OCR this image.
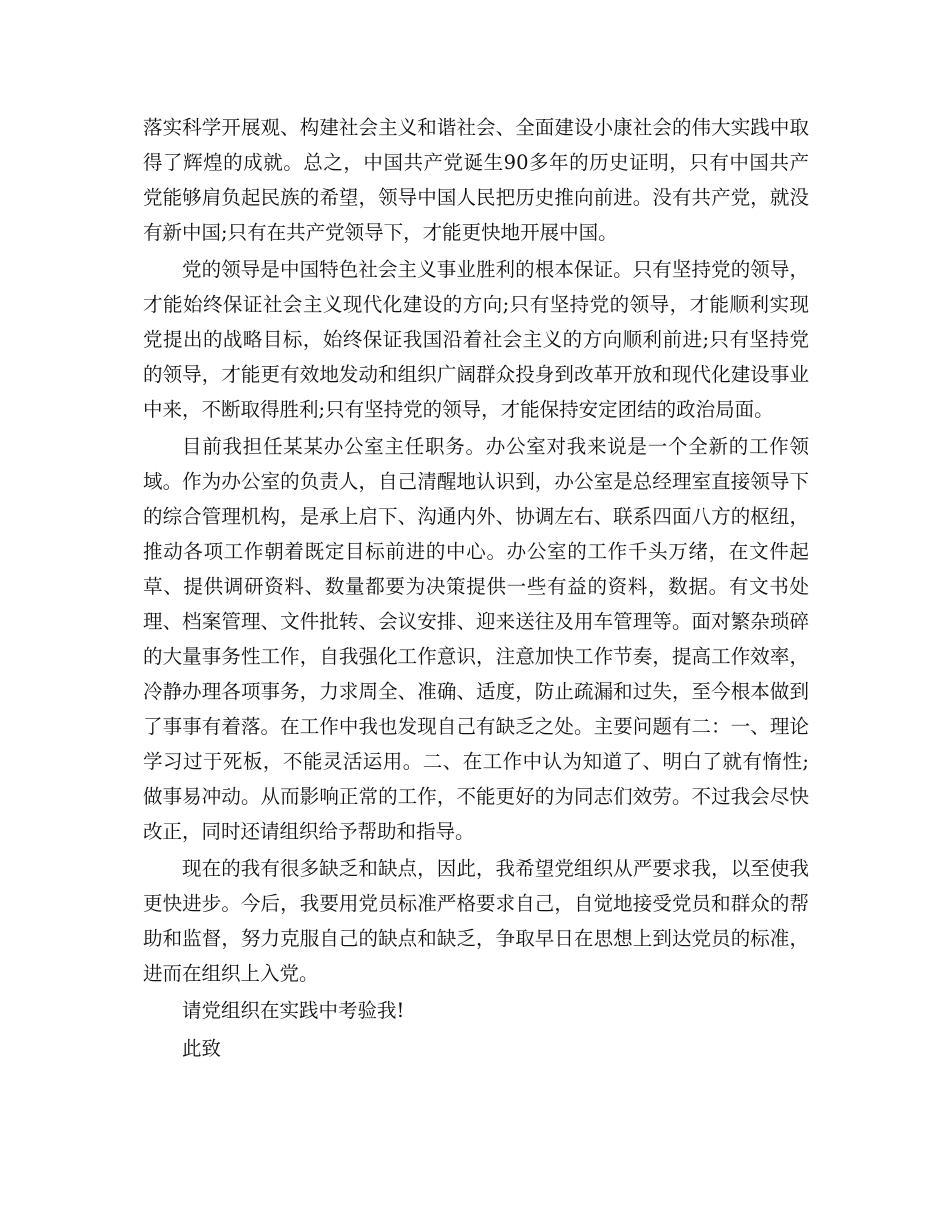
落实科学开展观、构建社会主义和谐社会、全面建设小康社会的伟大实践中取得了辉煌的成就。总之，中国共产党诞生90多年的历史证明，只有中国共产党能够肩负起民族的希望，领导中国人民把历史推向前进。没有共产党，就没有新中国;只有在共产党领导下，才能更快地开展中国。

党的领导是中国特色社会主义事业胜利的根本保证。只有坚持党的领导，才能始终保证社会主义现代化建设的方向;只有坚持党的领导，才能顺利实现党提出的战略目标，始终保证我国沿着社会主义的方向顺利前进;只有坚持党的领导，才能更有效地发动和组织广阔群众投身到改革开放和现代化建设事业中来，不断取得胜利;只有坚持党的领导，才能保持安定团结的政治局面。

目前我担任某某办公室主任职务。办公室对我来说是一个全新的工作领域。作为办公室的负责人，自己清醒地认识到，办公室是总经理室直接领导下的综合管理机构，是承上启下、沟通内外、协调左右、联系四面八方的枢纽，推动各项工作朝着既定目标前进的中心。办公室的工作千头万绪，在文件起草、提供调研资料、数量都要为决策提供一些有益的资料，数据。有文书处理、档案管理、文件批转、会议安排、迎来送往及用车管理等。面对繁杂琐碎的大量事务性工作，自我强化工作意识，注意加快工作节奏，提高工作效率，冷静办理各项事务，力求周全、准确、适度，防止疏漏和过失，至今根本做到了事事有着落。在工作中我也发现自己有缺乏之处。主要问题有二：一、理论学习过于死板，不能灵活运用。二、在工作中认为知道了、明白了就有惰性;做事易冲动。从而影响正常的工作，不能更好的为同志们效劳。不过我会尽快改正，同时还请组织给予帮助和指导。

现在的我有很多缺乏和缺点，因此，我希望党组织从严要求我，以至使我更快进步。今后，我要用党员标准严格要求自己，自觉地接受党员和群众的帮助和监督，努力克服自己的缺点和缺乏，争取早日在思想上到达党员的标准，进而在组织上入党。

请党组织在实践中考验我!

此致
